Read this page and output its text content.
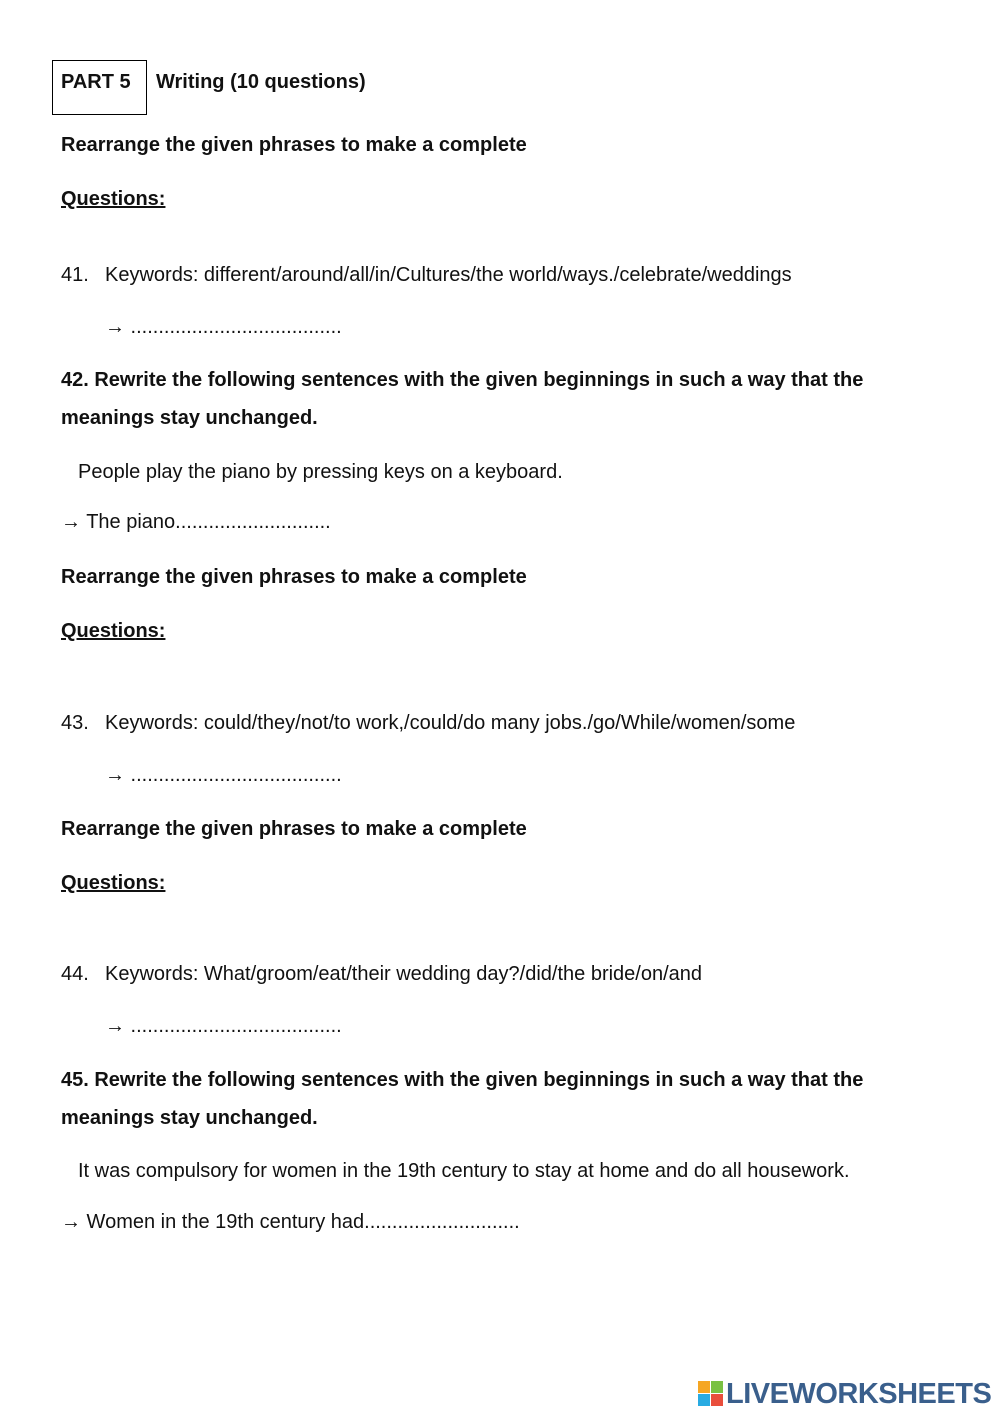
PART 5 Writing (10 questions)
Rearrange the given phrases to make a complete
Questions:
41. Keywords: different/around/all/in/Cultures/the world/ways./celebrate/weddings
→ ......................................
42. Rewrite the following sentences with the given beginnings in such a way that the
meanings stay unchanged.
People play the piano by pressing keys on a keyboard.
→ The piano............................
Rearrange the given phrases to make a complete
Questions:
43. Keywords: could/they/not/to work,/could/do many jobs./go/While/women/some
→ ......................................
Rearrange the given phrases to make a complete
Questions:
44. Keywords: What/groom/eat/their wedding day?/did/the bride/on/and
→ ......................................
45. Rewrite the following sentences with the given beginnings in such a way that the
meanings stay unchanged.
It was compulsory for women in the 19th century to stay at home and do all housework.
→ Women in the 19th century had............................
LIVEWORKSHEETS
